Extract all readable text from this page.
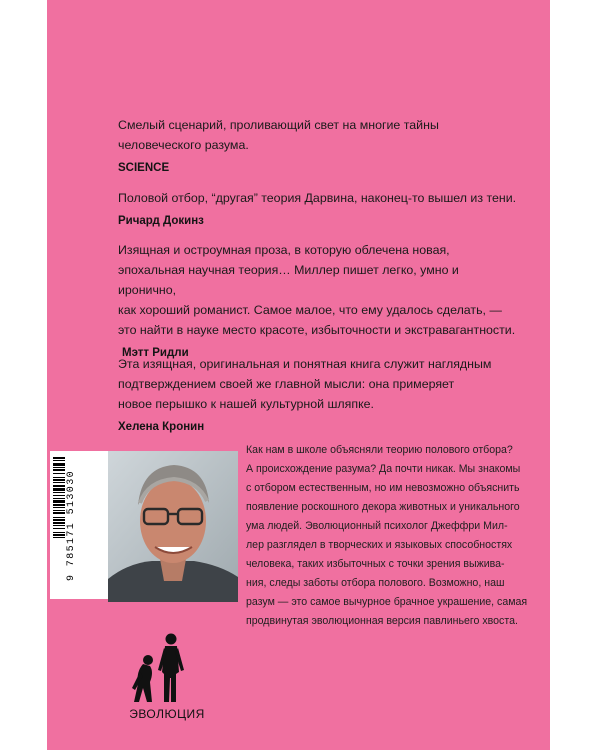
Смелый сценарий, проливающий свет на многие тайны
человеческого разума.

SCIENCE

Половой отбор, “другая” теория Дарвина, наконец-то вышел из тени.

Ричард Докинз

Изящная и остроумная проза, в которую облечена новая,
эпохальная научная теория… Миллер пишет легко, умно и иронично,
как хороший романист. Самое малое, что ему удалось сделать, —
это найти в науке место красоте, избыточности и экстравагантности.

Мэтт Ридли

Эта изящная, оригинальная и понятная книга служит наглядным
подтверждением своей же главной мысли: она примеряет
новое перышко к нашей культурной шляпке.

Хелена Кронин

9 785171 513030

Как нам в школе объясняли теорию полового отбора?
А происхождение разума? Да почти никак. Мы знакомы
с отбором естественным, но им невозможно объяснить
появление роскошного декора животных и уникального
ума людей. Эволюционный психолог Джеффри Мил-
лер разглядел в творческих и языковых способностях
человека, таких избыточных с точки зрения выжива-
ния, следы заботы отбора полового. Возможно, наш
разум — это самое вычурное брачное украшение, самая
продвинутая эволюционная версия павлиньего хвоста.

ЭВОЛЮЦИЯ
